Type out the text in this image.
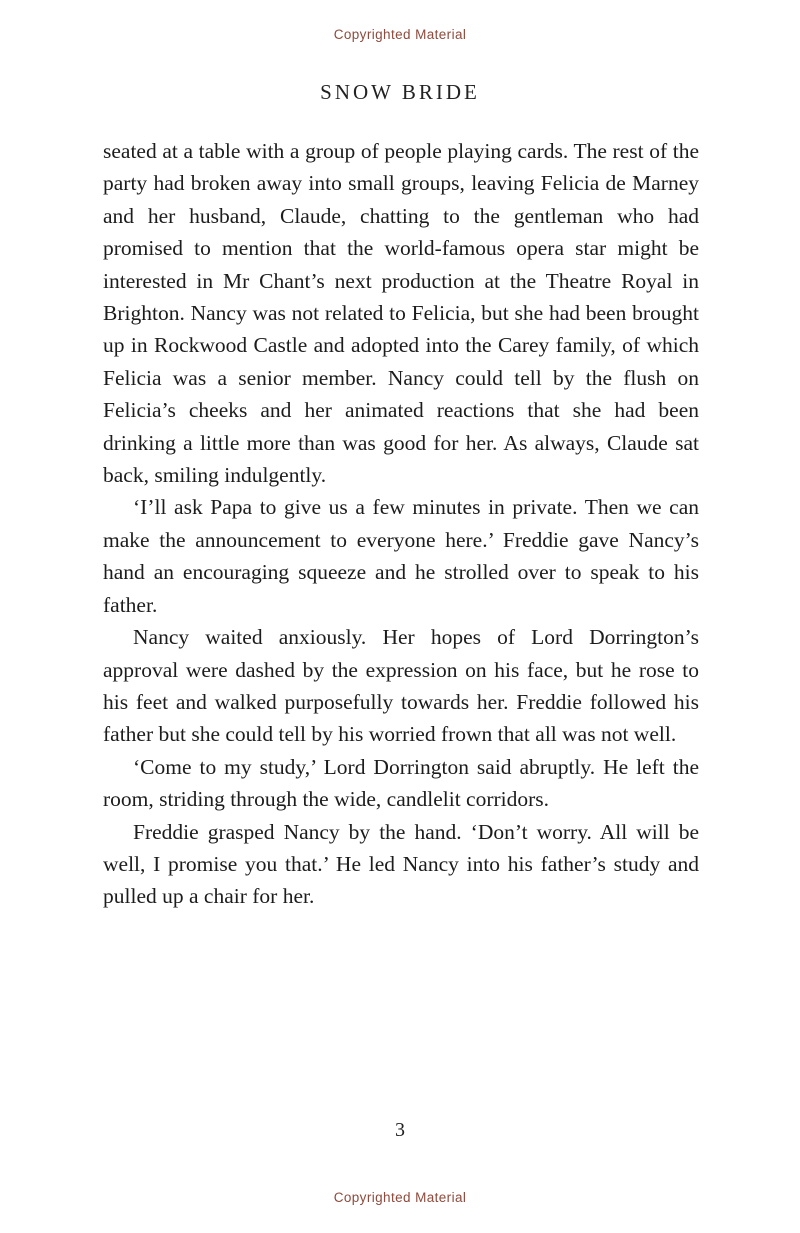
Copyrighted Material
SNOW BRIDE

seated at a table with a group of people playing cards. The rest of the party had broken away into small groups, leaving Felicia de Marney and her husband, Claude, chatting to the gentleman who had promised to mention that the world-famous opera star might be interested in Mr Chant’s next production at the Theatre Royal in Brighton. Nancy was not related to Felicia, but she had been brought up in Rockwood Castle and adopted into the Carey family, of which Felicia was a senior member. Nancy could tell by the flush on Felicia’s cheeks and her animated reactions that she had been drinking a little more than was good for her. As always, Claude sat back, smiling indulgently.

‘I’ll ask Papa to give us a few minutes in private. Then we can make the announcement to everyone here.’ Freddie gave Nancy’s hand an encouraging squeeze and he strolled over to speak to his father.

Nancy waited anxiously. Her hopes of Lord Dorrington’s approval were dashed by the expression on his face, but he rose to his feet and walked purposefully towards her. Freddie followed his father but she could tell by his worried frown that all was not well.

‘Come to my study,’ Lord Dorrington said abruptly. He left the room, striding through the wide, candlelit corridors.

Freddie grasped Nancy by the hand. ‘Don’t worry. All will be well, I promise you that.’ He led Nancy into his father’s study and pulled up a chair for her.

3
Copyrighted Material
